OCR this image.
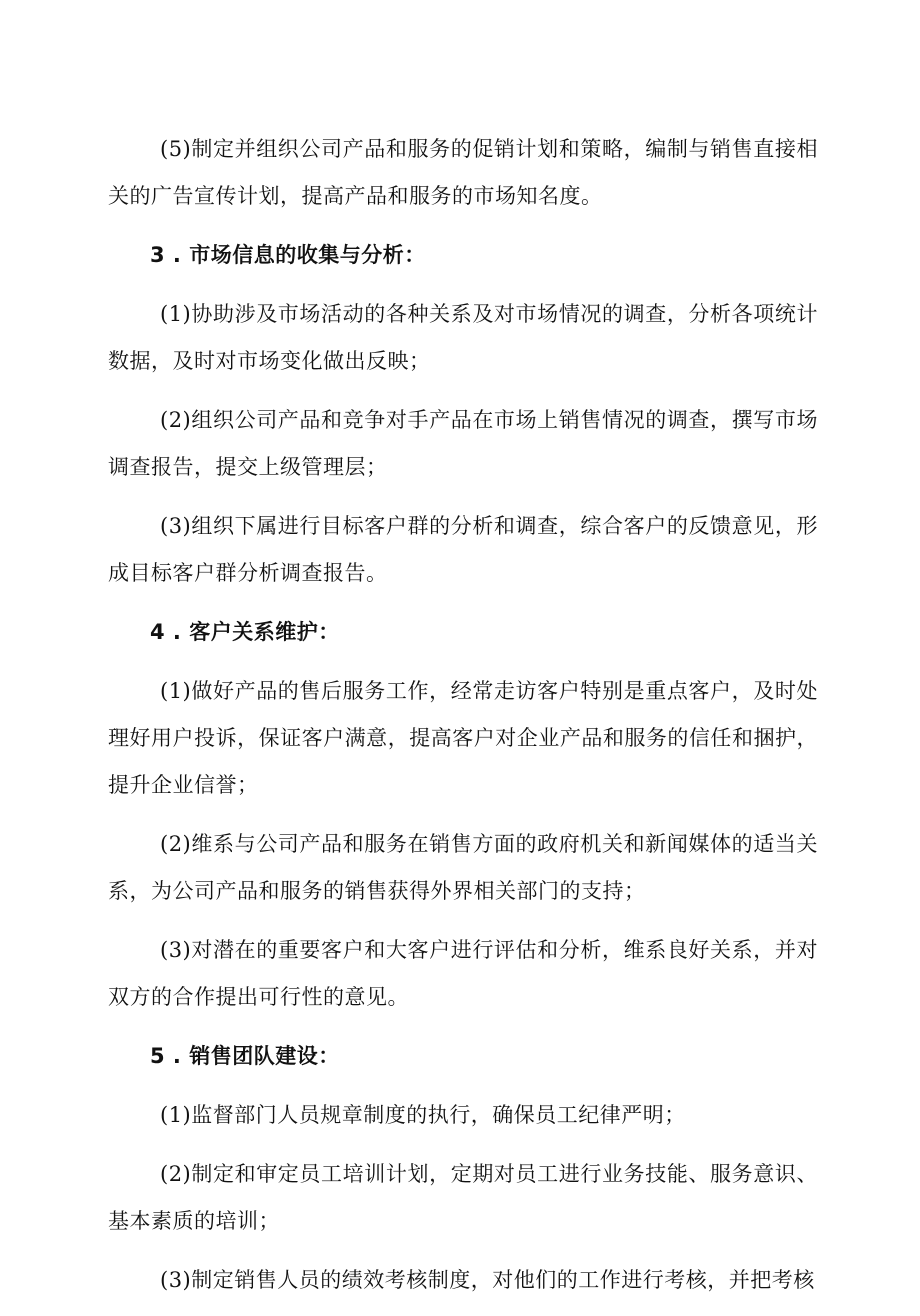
(5)制定并组织公司产品和服务的促销计划和策略，编制与销售直接相关的广告宣传计划，提高产品和服务的市场知名度。

3 . 市场信息的收集与分析：

(1)协助涉及市场活动的各种关系及对市场情况的调查，分析各项统计数据，及时对市场变化做出反映；

(2)组织公司产品和竞争对手产品在市场上销售情况的调查，撰写市场调查报告，提交上级管理层；

(3)组织下属进行目标客户群的分析和调查，综合客户的反馈意见，形成目标客户群分析调查报告。

4 . 客户关系维护：

(1)做好产品的售后服务工作，经常走访客户特别是重点客户，及时处理好用户投诉，保证客户满意，提高客户对企业产品和服务的信任和捆护，提升企业信誉；

(2)维系与公司产品和服务在销售方面的政府机关和新闻媒体的适当关系，为公司产品和服务的销售获得外界相关部门的支持；

(3)对潜在的重要客户和大客户进行评估和分析，维系良好关系，并对双方的合作提出可行性的意见。

5 . 销售团队建设：

(1)监督部门人员规章制度的执行，确保员工纪律严明；

(2)制定和审定员工培训计划，定期对员工进行业务技能、服务意识、基本素质的培训；

(3)制定销售人员的绩效考核制度，对他们的工作进行考核，并把考核
